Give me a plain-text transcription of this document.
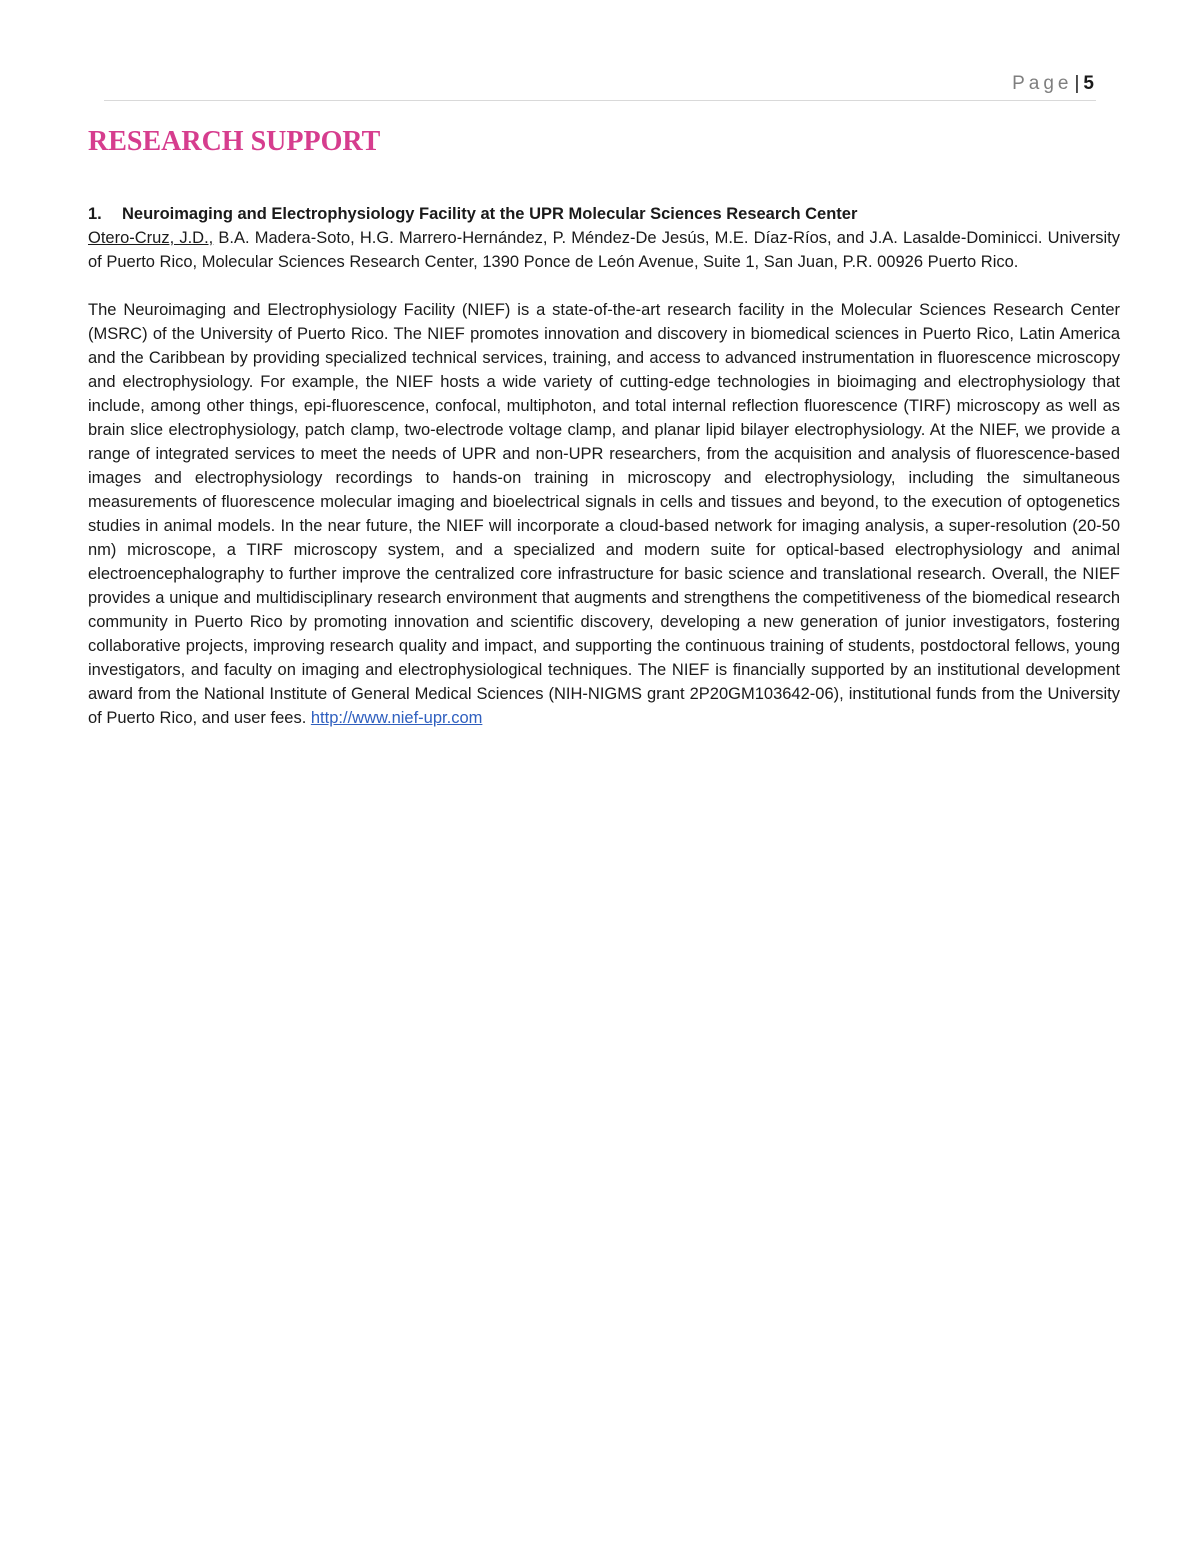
Page | 5
RESEARCH SUPPORT

1. Neuroimaging and Electrophysiology Facility at the UPR Molecular Sciences Research Center

Otero-Cruz, J.D., B.A. Madera-Soto, H.G. Marrero-Hernández, P. Méndez-De Jesús, M.E. Díaz-Ríos, and J.A. Lasalde-Dominicci. University of Puerto Rico, Molecular Sciences Research Center, 1390 Ponce de León Avenue, Suite 1, San Juan, P.R. 00926 Puerto Rico.

The Neuroimaging and Electrophysiology Facility (NIEF) is a state-of-the-art research facility in the Molecular Sciences Research Center (MSRC) of the University of Puerto Rico. The NIEF promotes innovation and discovery in biomedical sciences in Puerto Rico, Latin America and the Caribbean by providing specialized technical services, training, and access to advanced instrumentation in fluorescence microscopy and electrophysiology. For example, the NIEF hosts a wide variety of cutting-edge technologies in bioimaging and electrophysiology that include, among other things, epi-fluorescence, confocal, multiphoton, and total internal reflection fluorescence (TIRF) microscopy as well as brain slice electrophysiology, patch clamp, two-electrode voltage clamp, and planar lipid bilayer electrophysiology. At the NIEF, we provide a range of integrated services to meet the needs of UPR and non-UPR researchers, from the acquisition and analysis of fluorescence-based images and electrophysiology recordings to hands-on training in microscopy and electrophysiology, including the simultaneous measurements of fluorescence molecular imaging and bioelectrical signals in cells and tissues and beyond, to the execution of optogenetics studies in animal models. In the near future, the NIEF will incorporate a cloud-based network for imaging analysis, a super-resolution (20-50 nm) microscope, a TIRF microscopy system, and a specialized and modern suite for optical-based electrophysiology and animal electroencephalography to further improve the centralized core infrastructure for basic science and translational research. Overall, the NIEF provides a unique and multidisciplinary research environment that augments and strengthens the competitiveness of the biomedical research community in Puerto Rico by promoting innovation and scientific discovery, developing a new generation of junior investigators, fostering collaborative projects, improving research quality and impact, and supporting the continuous training of students, postdoctoral fellows, young investigators, and faculty on imaging and electrophysiological techniques. The NIEF is financially supported by an institutional development award from the National Institute of General Medical Sciences (NIH-NIGMS grant 2P20GM103642-06), institutional funds from the University of Puerto Rico, and user fees. http://www.nief-upr.com
